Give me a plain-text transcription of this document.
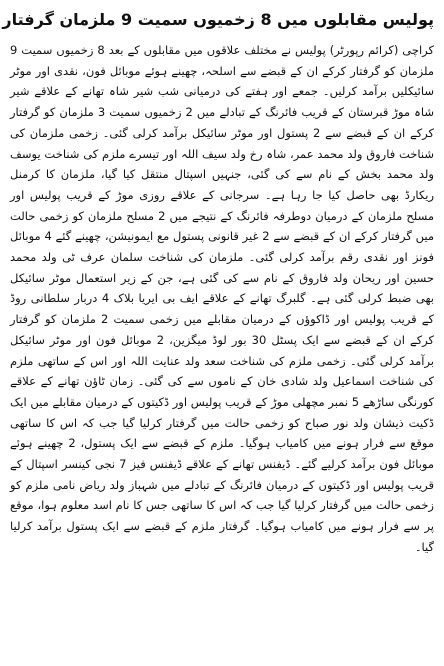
پولیس مقابلوں میں 8 زخمیوں سمیت 9 ملزمان گرفتار

کراچی (کرائم رپورٹر) پولیس نے مختلف علاقوں میں مقابلوں کے بعد 8 زخمیوں سمیت 9 ملزمان کو گرفتار کرکے ان کے قبضے سے اسلحہ، چھینے ہوئے موبائل فون، نقدی اور موٹر سائیکلیں برآمد کرلیں۔ جمعے اور ہفتے کی درمیانی شب شیر شاہ تھانے کے علاقے شیر شاہ موڑ قبرستان کے قریب فائرنگ کے تبادلے میں 2 زخمیوں سمیت 3 ملزمان کو گرفتار کرکے ان کے قبضے سے 2 پستول اور موٹر سائیکل برآمد کرلی گئی۔ زخمی ملزمان کی شناخت فاروق ولد محمد عمر، شاہ رخ ولد سیف اللہ اور تیسرے ملزم کی شناخت یوسف ولد محمد بخش کے نام سے کی گئی، جنہیں اسپتال منتقل کیا گیا، ملزمان کا کرمنل ریکارڈ بھی حاصل کیا جا رہا ہے۔ سرجانی کے علاقے روزی موڑ کے قریب پولیس اور مسلح ملزمان کے درمیان دوطرفہ فائرنگ کے نتیجے میں 2 مسلح ملزمان کو زخمی حالت میں گرفتار کرکے ان کے قبضے سے 2 غیر قانونی پستول مع ایمونیشن، چھینے گئے 4 موبائل فونز اور نقدی رقم برآمد کرلی گئی۔ ملزمان کی شناخت سلمان عرف ٹی ولد محمد حسین اور ریحان ولد فاروق کے نام سے کی گئی ہے، جن کے زیر استعمال موٹر سائیکل بھی ضبط کرلی گئی ہے۔ گلبرگ تھانے کے علاقے ایف بی ایریا بلاک 4 دربار سلطانی روڈ کے قریب پولیس اور ڈاکوؤں کے درمیان مقابلے میں زخمی سمیت 2 ملزمان کو گرفتار کرکے ان کے قبضے سے ایک پسٹل 30 بور لوڈ میگزین، 2 موبائل فون اور موٹر سائیکل برآمد کرلی گئی۔ زخمی ملزم کی شناخت سعد ولد عنایت اللہ اور اس کے ساتھی ملزم کی شناخت اسماعیل ولد شادی خان کے ناموں سے کی گئی۔ زمان ٹاؤن تھانے کے علاقے کورنگی ساڑھے 5 نمبر مچھلی موڑ کے قریب پولیس اور ڈکیتوں کے درمیان مقابلے میں ایک ڈکیت ذیشان ولد نور صباح کو زخمی حالت میں گرفتار کرلیا گیا جب کہ اس کا ساتھی موقع سے فرار ہونے میں کامیاب ہوگیا۔ ملزم کے قبضے سے ایک پستول، 2 چھینے ہوئے موبائل فون برآمد کرلیے گئے۔ ڈیفنس تھانے کے علاقے ڈیفنس فیز 7 نجی کینسر اسپتال کے قریب پولیس اور ڈکیتوں کے درمیان فائرنگ کے تبادلے میں شہباز ولد ریاض نامی ملزم کو زخمی حالت میں گرفتار کرلیا گیا جب کہ اس کا ساتھی جس کا نام اسد معلوم ہوا، موقع پر سے فرار ہونے میں کامیاب ہوگیا۔ گرفتار ملزم کے قبضے سے ایک پستول برآمد کرلیا گیا۔
